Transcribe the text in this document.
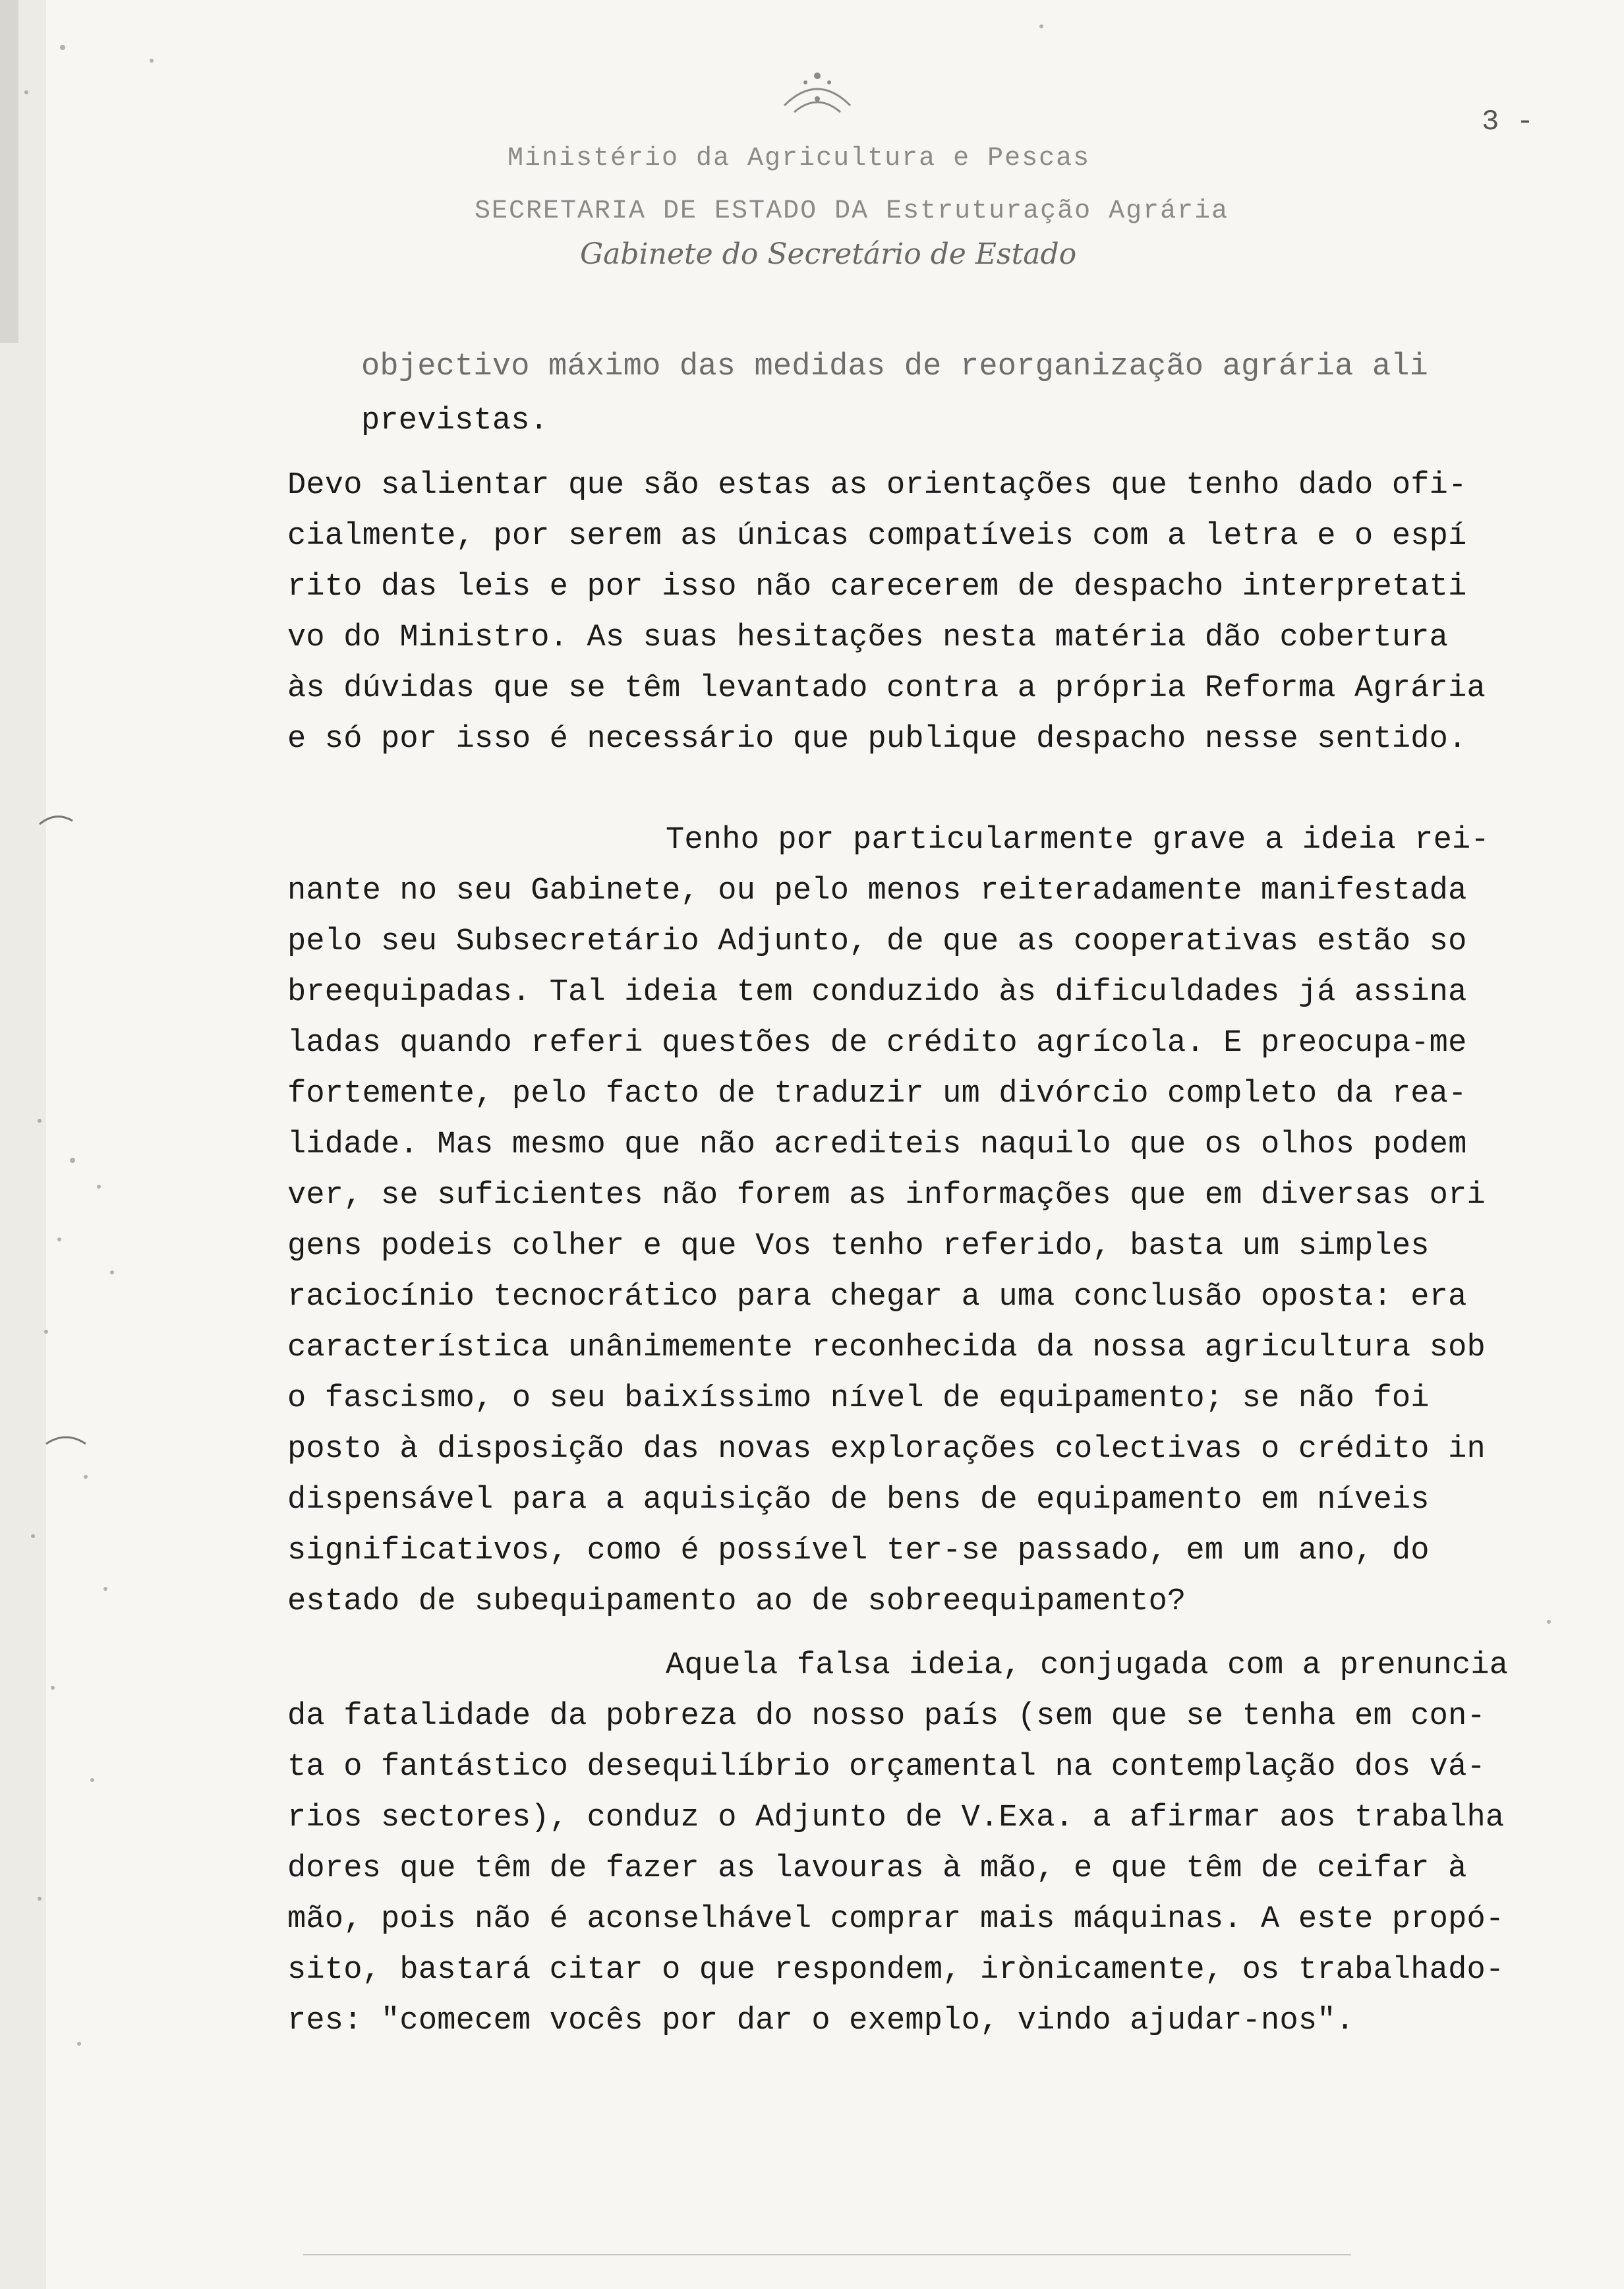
3 -
Ministério da Agricultura e Pescas
SECRETARIA DE ESTADO DA Estruturação Agrária
Gabinete do Secretário de Estado
objectivo máximo das medidas de reorganização agrária ali
previstas.
Devo salientar que são estas as orientações que tenho dado ofi-
cialmente, por serem as únicas compatíveis com a letra e o espí
rito das leis e por isso não carecerem de despacho interpretati
vo do Ministro. As suas hesitações nesta matéria dão cobertura
às dúvidas que se têm levantado contra a própria Reforma Agrária
e só por isso é necessário que publique despacho nesse sentido.
Tenho por particularmente grave a ideia rei-
nante no seu Gabinete, ou pelo menos reiteradamente manifestada
pelo seu Subsecretário Adjunto, de que as cooperativas estão so
breequipadas. Tal ideia tem conduzido às dificuldades já assina
ladas quando referi questões de crédito agrícola. E preocupa-me
fortemente, pelo facto de traduzir um divórcio completo da rea-
lidade. Mas mesmo que não acrediteis naquilo que os olhos podem
ver, se suficientes não forem as informações que em diversas ori
gens podeis colher e que Vos tenho referido, basta um simples
raciocínio tecnocrático para chegar a uma conclusão oposta: era
característica unânimemente reconhecida da nossa agricultura sob
o fascismo, o seu baixíssimo nível de equipamento; se não foi
posto à disposição das novas explorações colectivas o crédito in
dispensável para a aquisição de bens de equipamento em níveis
significativos, como é possível ter-se passado, em um ano, do
estado de subequipamento ao de sobreequipamento?
Aquela falsa ideia, conjugada com a prenuncia
da fatalidade da pobreza do nosso país (sem que se tenha em con-
ta o fantástico desequilíbrio orçamental na contemplação dos vá-
rios sectores), conduz o Adjunto de V.Exa. a afirmar aos trabalha
dores que têm de fazer as lavouras à mão, e que têm de ceifar à
mão, pois não é aconselhável comprar mais máquinas. A este propó-
sito, bastará citar o que respondem, irònicamente, os trabalhado-
res: "comecem vocês por dar o exemplo, vindo ajudar-nos".
